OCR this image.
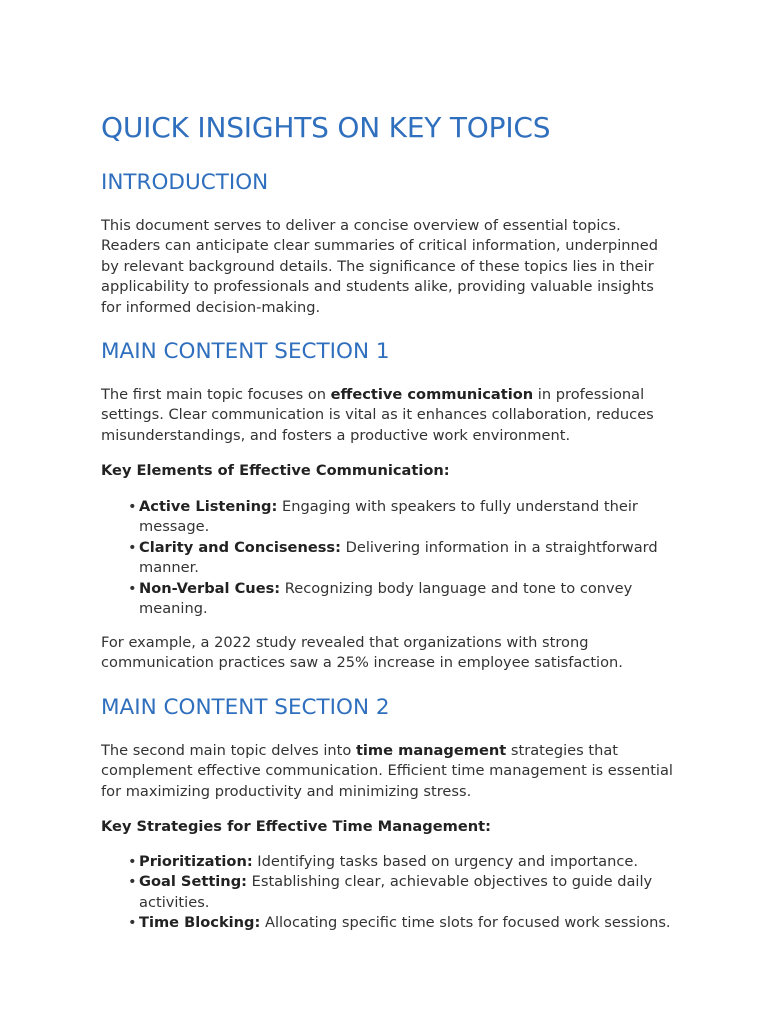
QUICK INSIGHTS ON KEY TOPICS
INTRODUCTION

This document serves to deliver a concise overview of essential topics. Readers can anticipate clear summaries of critical information, underpinned by relevant background details. The significance of these topics lies in their applicability to professionals and students alike, providing valuable insights for informed decision-making.

MAIN CONTENT SECTION 1

The first main topic focuses on effective communication in professional settings. Clear communication is vital as it enhances collaboration, reduces misunderstandings, and fosters a productive work environment.

Key Elements of Effective Communication:

• Active Listening: Engaging with speakers to fully understand their message.
• Clarity and Conciseness: Delivering information in a straightforward manner.
• Non-Verbal Cues: Recognizing body language and tone to convey meaning.

For example, a 2022 study revealed that organizations with strong communication practices saw a 25% increase in employee satisfaction.

MAIN CONTENT SECTION 2

The second main topic delves into time management strategies that complement effective communication. Efficient time management is essential for maximizing productivity and minimizing stress.

Key Strategies for Effective Time Management:

• Prioritization: Identifying tasks based on urgency and importance.
• Goal Setting: Establishing clear, achievable objectives to guide daily activities.
• Time Blocking: Allocating specific time slots for focused work sessions.
